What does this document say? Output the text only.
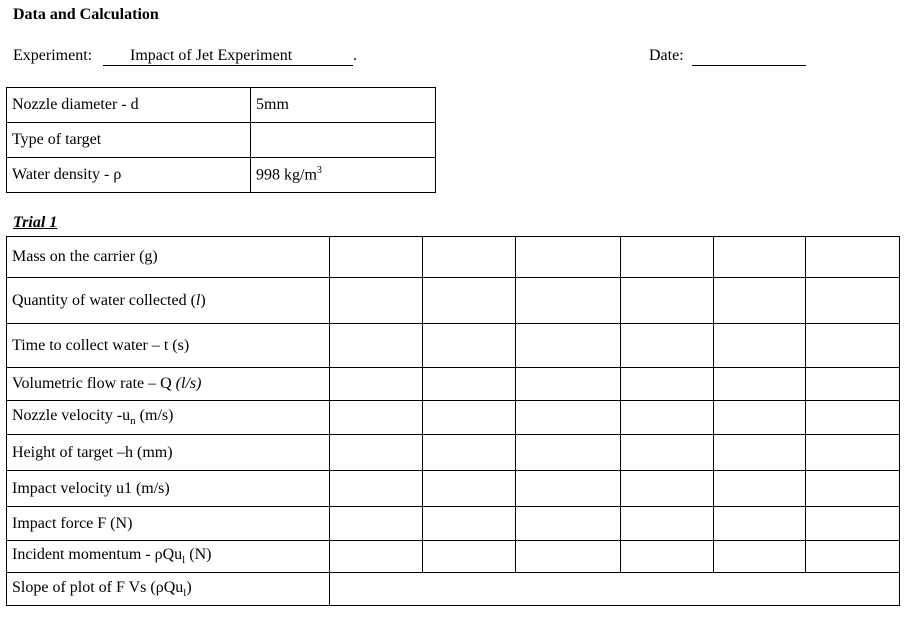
Data and Calculation
Experiment:	Impact of Jet Experiment	.	Date:
Nozzle diameter - d	5mm
Type of target	
Water density - ρ	998 $kg/m^3$
Trial 1
Mass on the carrier (g)						
Quantity of water collected (l)						
Time to collect water – t (s)						
Volumetric flow rate – Q (l/s)						
Nozzle velocity $-u_n$ (m/s)						
Height of target –h (mm)						
Impact velocity u1 (m/s)						
Impact force F (N)						
Incident momentum - ρQu$_l$ (N)						
Slope of plot of F Vs (ρQu$_l$)						
